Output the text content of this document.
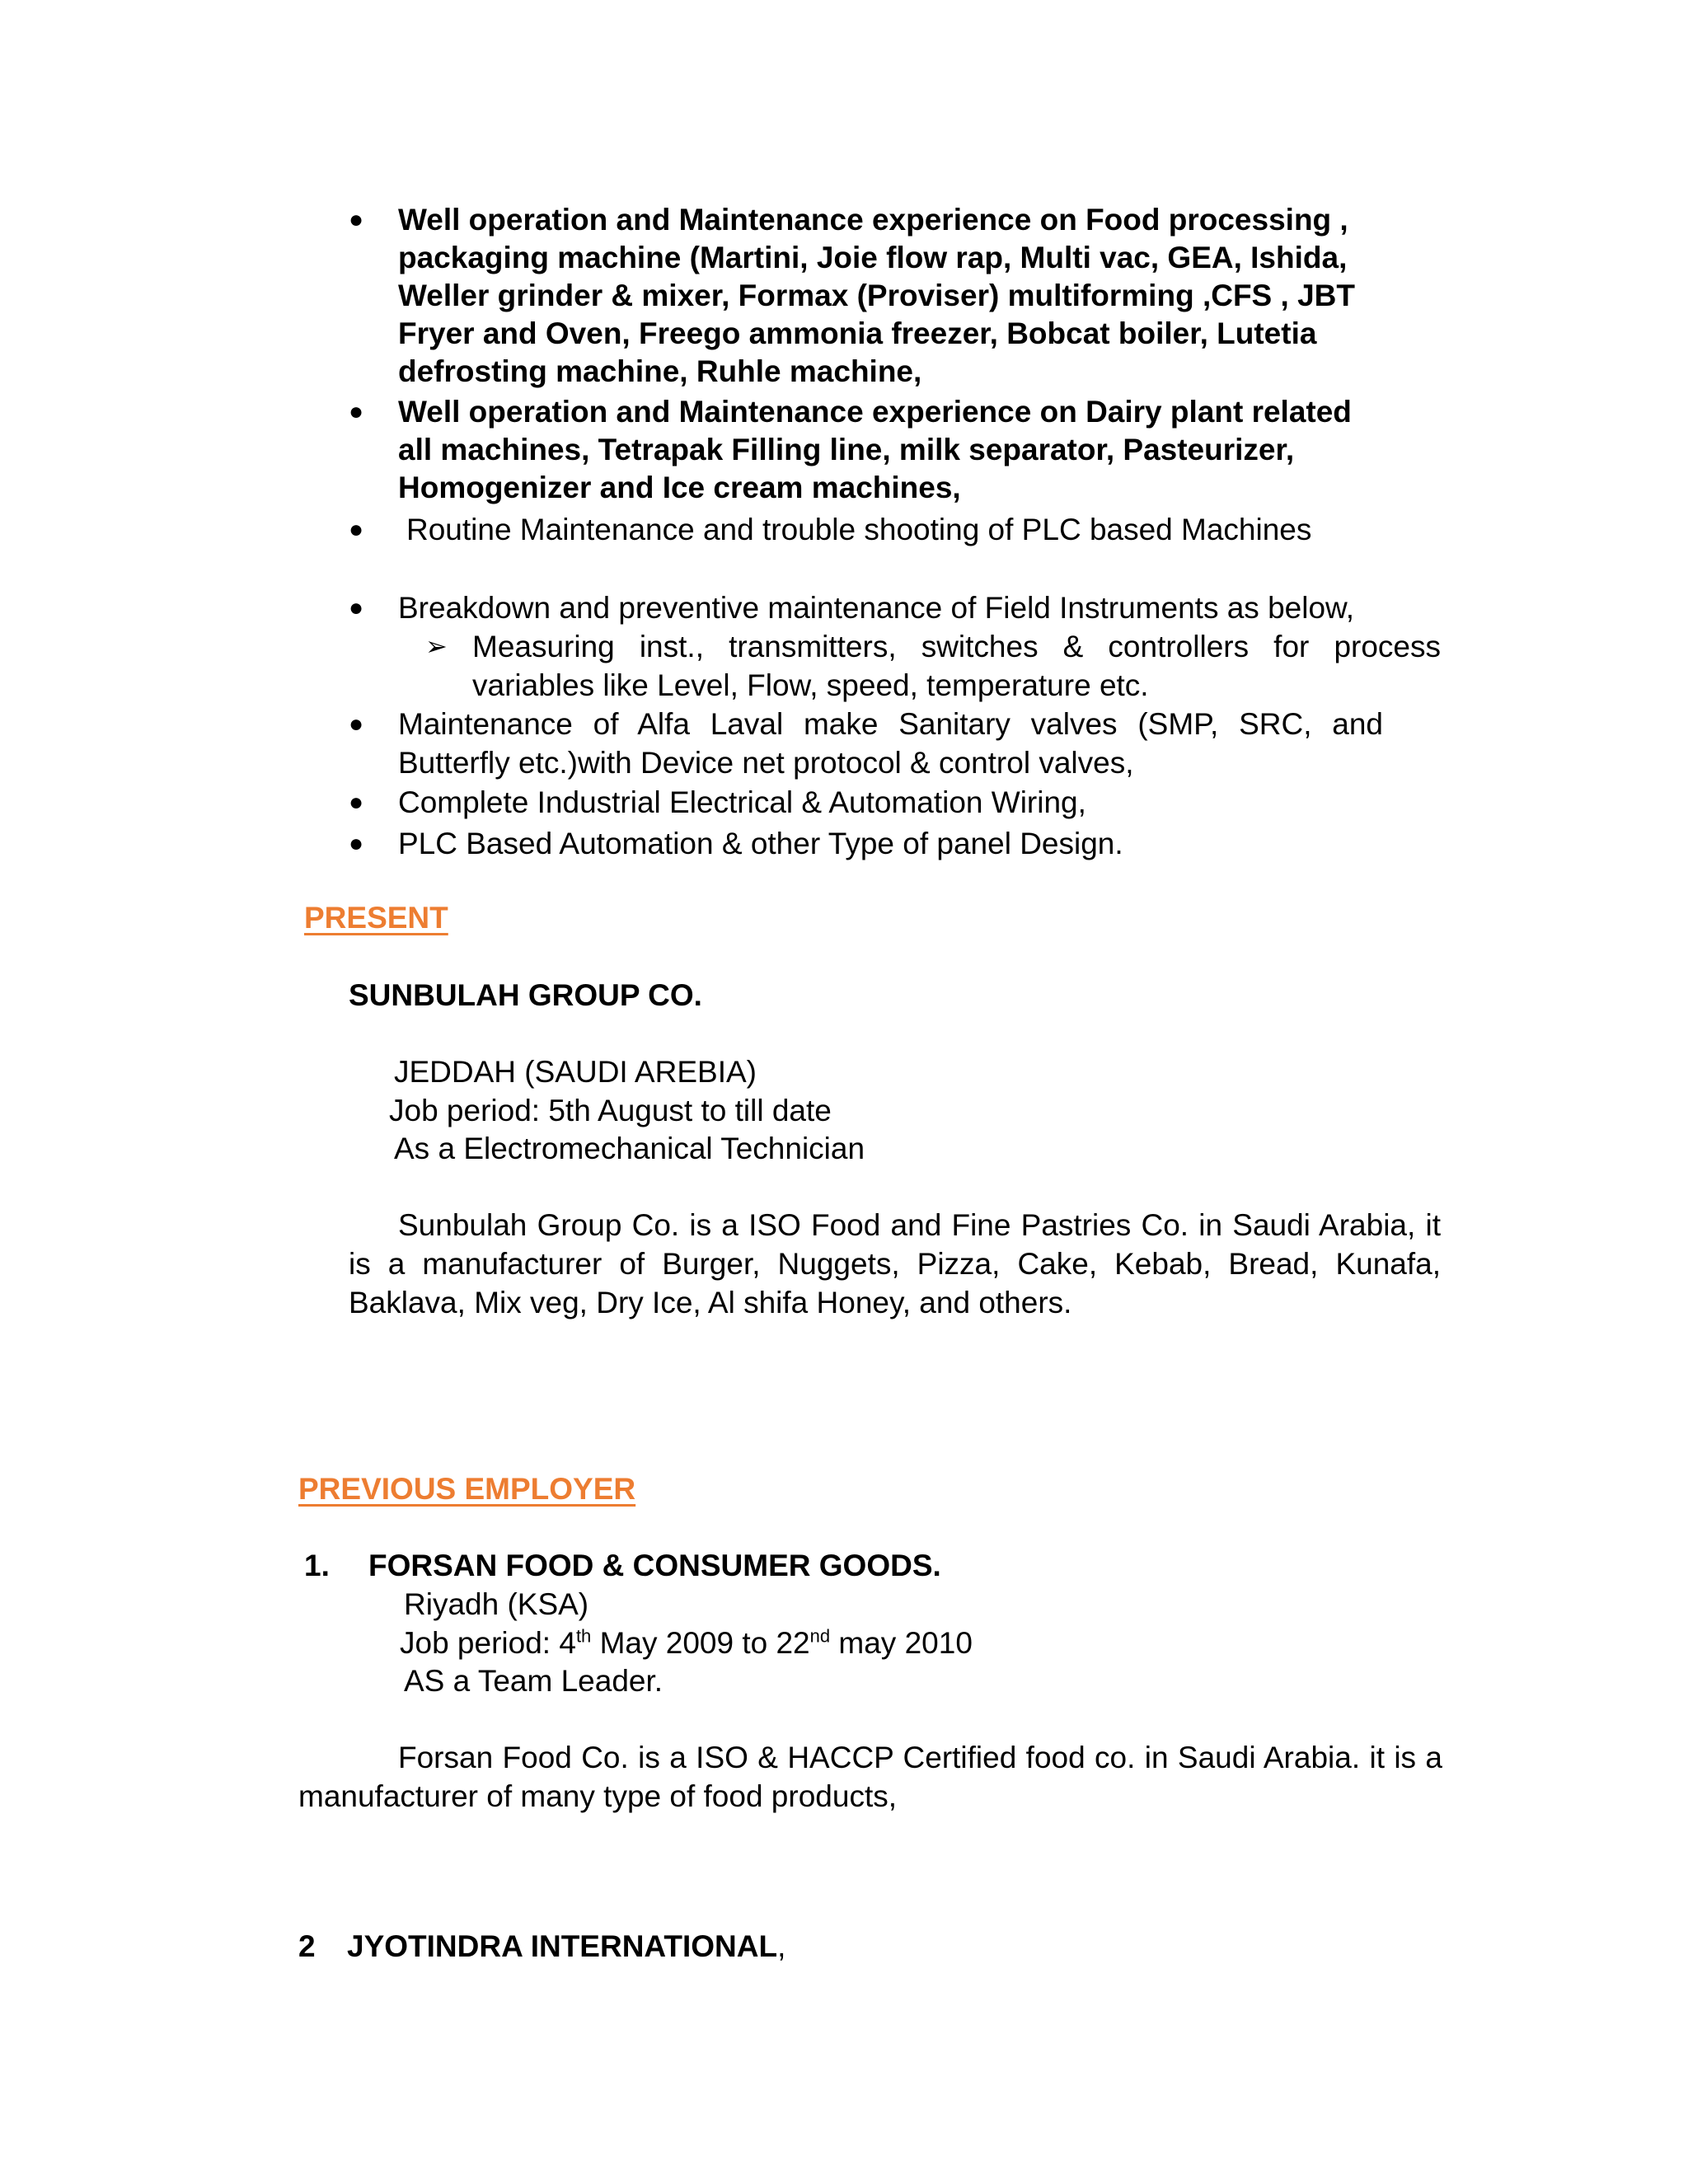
● Well operation and Maintenance experience on Food processing ,
packaging machine (Martini, Joie flow rap, Multi vac, GEA, Ishida,
Weller grinder & mixer, Formax (Proviser) multiforming ,CFS , JBT
Fryer and Oven, Freego ammonia freezer, Bobcat boiler, Lutetia
defrosting machine, Ruhle machine,
● Well operation and Maintenance experience on Dairy plant related
all machines, Tetrapak Filling line, milk separator, Pasteurizer,
Homogenizer and Ice cream machines,
● Routine Maintenance and trouble shooting of PLC based Machines
● Breakdown and preventive maintenance of Field Instruments as below,
➢ Measuring inst., transmitters, switches & controllers for process variables like Level, Flow, speed, temperature etc.
● Maintenance of Alfa Laval make Sanitary valves (SMP, SRC, and Butterfly etc.)with Device net protocol & control valves,
● Complete Industrial Electrical & Automation Wiring,
● PLC Based Automation & other Type of panel Design.
PRESENT
SUNBULAH GROUP CO.
JEDDAH (SAUDI AREBIA)
Job period: 5th August to till date
As a Electromechanical Technician
Sunbulah Group Co. is a ISO Food and Fine Pastries Co. in Saudi Arabia, it is a manufacturer of Burger, Nuggets, Pizza, Cake, Kebab, Bread, Kunafa, Baklava, Mix veg, Dry Ice, Al shifa Honey, and others.
PREVIOUS EMPLOYER
1. FORSAN FOOD & CONSUMER GOODS.
Riyadh (KSA)
Job period: 4th May 2009 to 22nd may 2010
AS a Team Leader.
Forsan Food Co. is a ISO & HACCP Certified food co. in Saudi Arabia. it is a manufacturer of many type of food products,
2 JYOTINDRA INTERNATIONAL,
